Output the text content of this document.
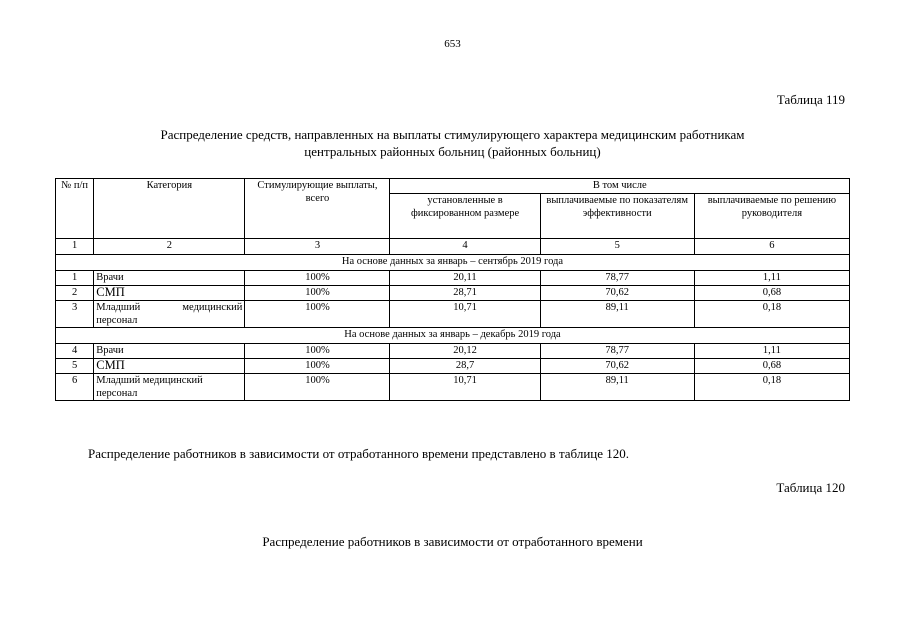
653
Таблица 119
Распределение средств, направленных на выплаты стимулирующего характера медицинским работникам
центральных районных больниц (районных больниц)
№ п/п	Категория	Стимулирующие выплаты, всего	В том числе		
			установленные в фиксированном размере	выплачиваемые по показателям эффективности	выплачиваемые по решению руководителя
1	2	3	4	5	6
На основе данных за январь – сентябрь 2019 года					
1	Врачи	100%	20,11	78,77	1,11
2	СМП	100%	28,71	70,62	0,68
3	Младший медицинский персонал	100%	10,71	89,11	0,18
На основе данных за январь – декабрь 2019 года					
4	Врачи	100%	20,12	78,77	1,11
5	СМП	100%	28,7	70,62	0,68
6	Младший медицинский персонал	100%	10,71	89,11	0,18
Распределение работников в зависимости от отработанного времени представлено в таблице 120.
Таблица 120
Распределение работников в зависимости от отработанного времени
